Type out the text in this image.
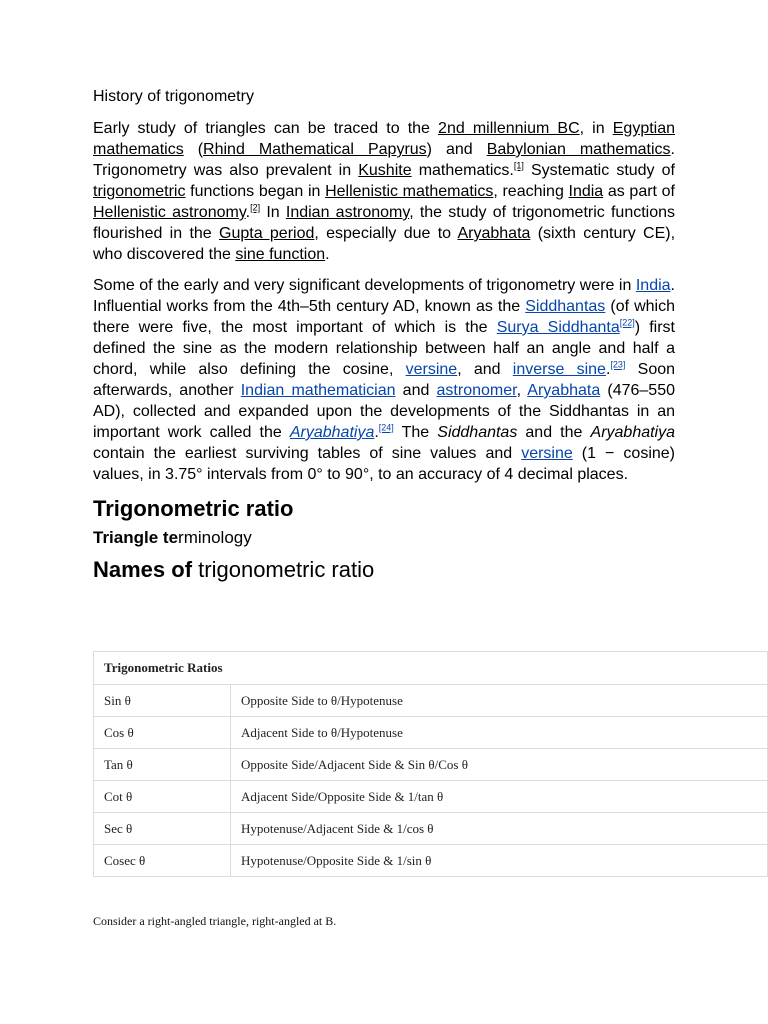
History of trigonometry

Early study of triangles can be traced to the 2nd millennium BC, in Egyptian mathematics (Rhind Mathematical Papyrus) and Babylonian mathematics. Trigonometry was also prevalent in Kushite mathematics.[1] Systematic study of trigonometric functions began in Hellenistic mathematics, reaching India as part of Hellenistic astronomy.[2] In Indian astronomy, the study of trigonometric functions flourished in the Gupta period, especially due to Aryabhata (sixth century CE), who discovered the sine function.

Some of the early and very significant developments of trigonometry were in India. Influential works from the 4th–5th century AD, known as the Siddhantas (of which there were five, the most important of which is the Surya Siddhanta[22]) first defined the sine as the modern relationship between half an angle and half a chord, while also defining the cosine, versine, and inverse sine.[23] Soon afterwards, another Indian mathematician and astronomer, Aryabhata (476–550 AD), collected and expanded upon the developments of the Siddhantas in an important work called the Aryabhatiya.[24] The Siddhantas and the Aryabhatiya contain the earliest surviving tables of sine values and versine (1 − cosine) values, in 3.75° intervals from 0° to 90°, to an accuracy of 4 decimal places.

Trigonometric ratio
Triangle terminology
Names of trigonometric ratio
Trigonometric Ratios	
Sin θ	Opposite Side to θ/Hypotenuse
Cos θ	Adjacent Side to θ/Hypotenuse
Tan θ	Opposite Side/Adjacent Side & Sin θ/Cos θ
Cot θ	Adjacent Side/Opposite Side & 1/tan θ
Sec θ	Hypotenuse/Adjacent Side & 1/cos θ
Cosec θ	Hypotenuse/Opposite Side & 1/sin θ
Consider a right-angled triangle, right-angled at B.
